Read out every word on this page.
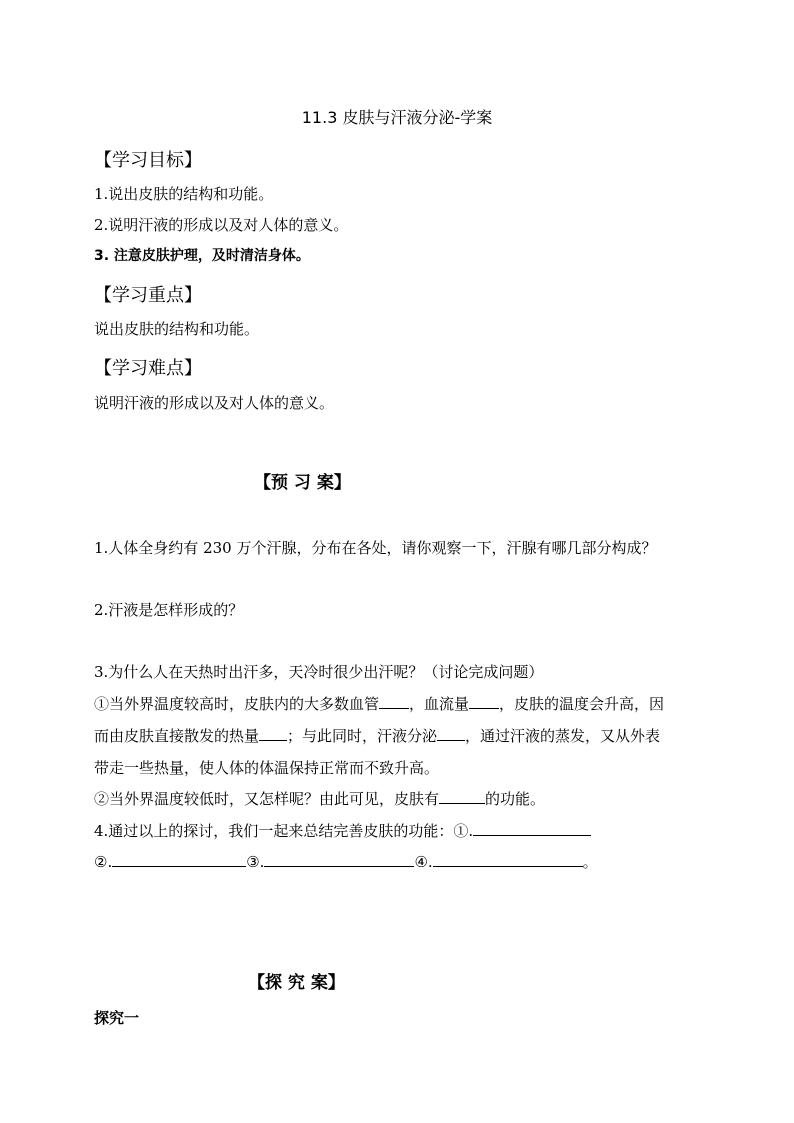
11.3 皮肤与汗液分泌-学案
【学习目标】
1.说出皮肤的结构和功能。
2.说明汗液的形成以及对人体的意义。
3. 注意皮肤护理，及时清洁身体。
【学习重点】
说出皮肤的结构和功能。
【学习难点】
说明汗液的形成以及对人体的意义。
【预 习 案】
1.人体全身约有 230 万个汗腺，分布在各处，请你观察一下，汗腺有哪几部分构成？
2.汗液是怎样形成的？
3.为什么人在天热时出汗多，天冷时很少出汗呢？（讨论完成问题）
①当外界温度较高时，皮肤内的大多数血管 ，血流量 ，皮肤的温度会升高，因
而由皮肤直接散发的热量 ；与此同时，汗液分泌 ，通过汗液的蒸发，又从外表
带走一些热量，使人体的体温保持正常而不致升高。
②当外界温度较低时，又怎样呢？由此可见，皮肤有	的功能。
4.通过以上的探讨，我们一起来总结完善皮肤的功能：①.
②.	③.	④.	。
【探 究 案】
探究一
